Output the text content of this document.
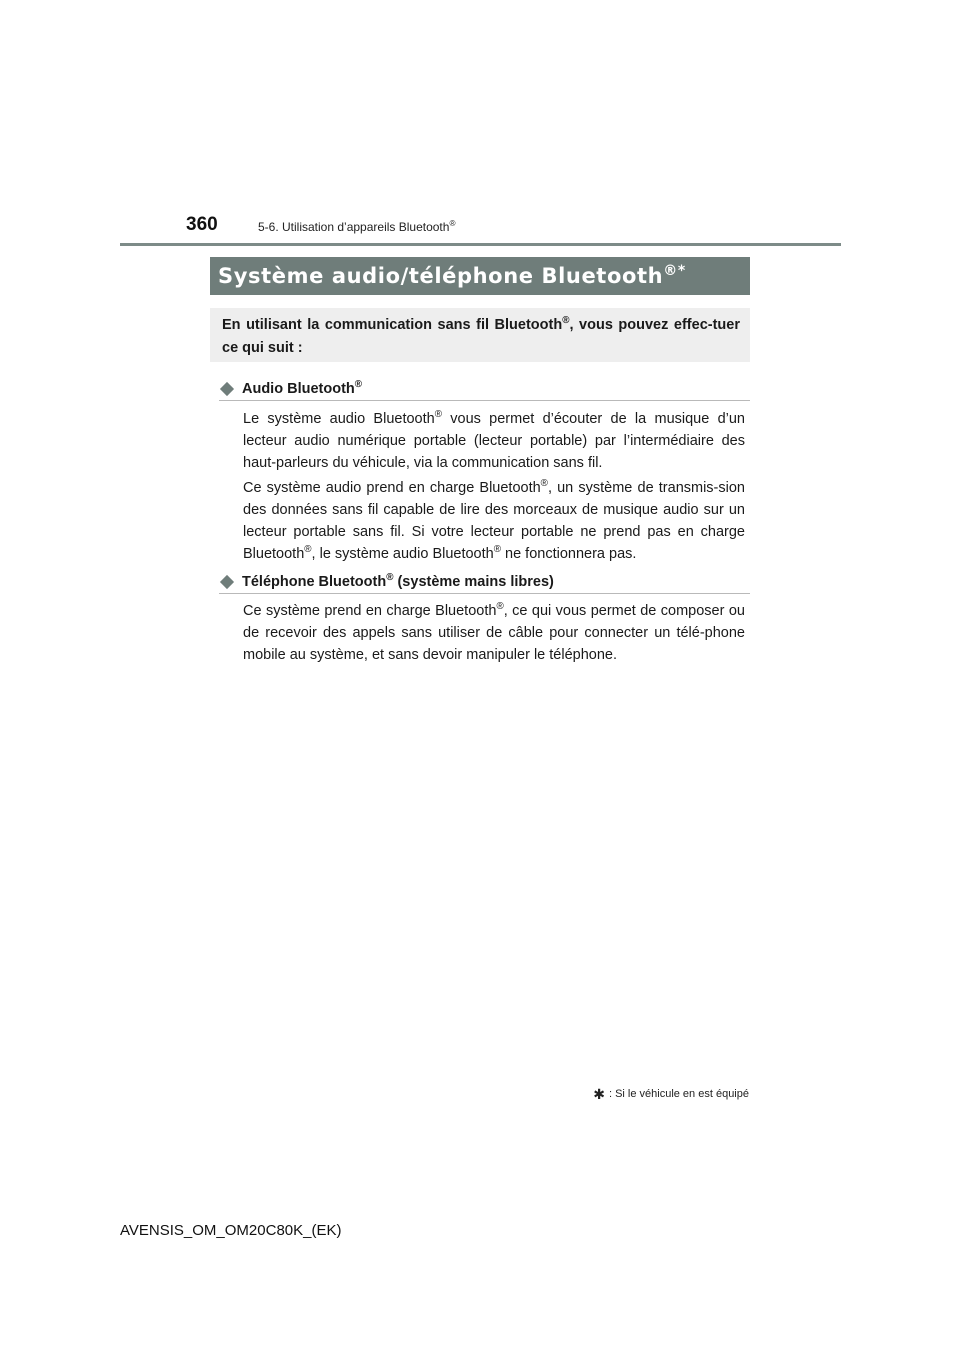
360	5-6. Utilisation d’appareils Bluetooth®
Système audio/téléphone Bluetooth®*
En utilisant la communication sans fil Bluetooth®, vous pouvez effec-tuer ce qui suit :
Audio Bluetooth®
Le système audio Bluetooth® vous permet d’écouter de la musique d’un lecteur audio numérique portable (lecteur portable) par l’intermédiaire des haut-parleurs du véhicule, via la communication sans fil.
Ce système audio prend en charge Bluetooth®, un système de transmis-sion des données sans fil capable de lire des morceaux de musique audio sur un lecteur portable sans fil. Si votre lecteur portable ne prend pas en charge Bluetooth®, le système audio Bluetooth® ne fonctionnera pas.
Téléphone Bluetooth® (système mains libres)
Ce système prend en charge Bluetooth®, ce qui vous permet de composer ou de recevoir des appels sans utiliser de câble pour connecter un télé-phone mobile au système, et sans devoir manipuler le téléphone.
✱ : Si le véhicule en est équipé
AVENSIS_OM_OM20C80K_(EK)
